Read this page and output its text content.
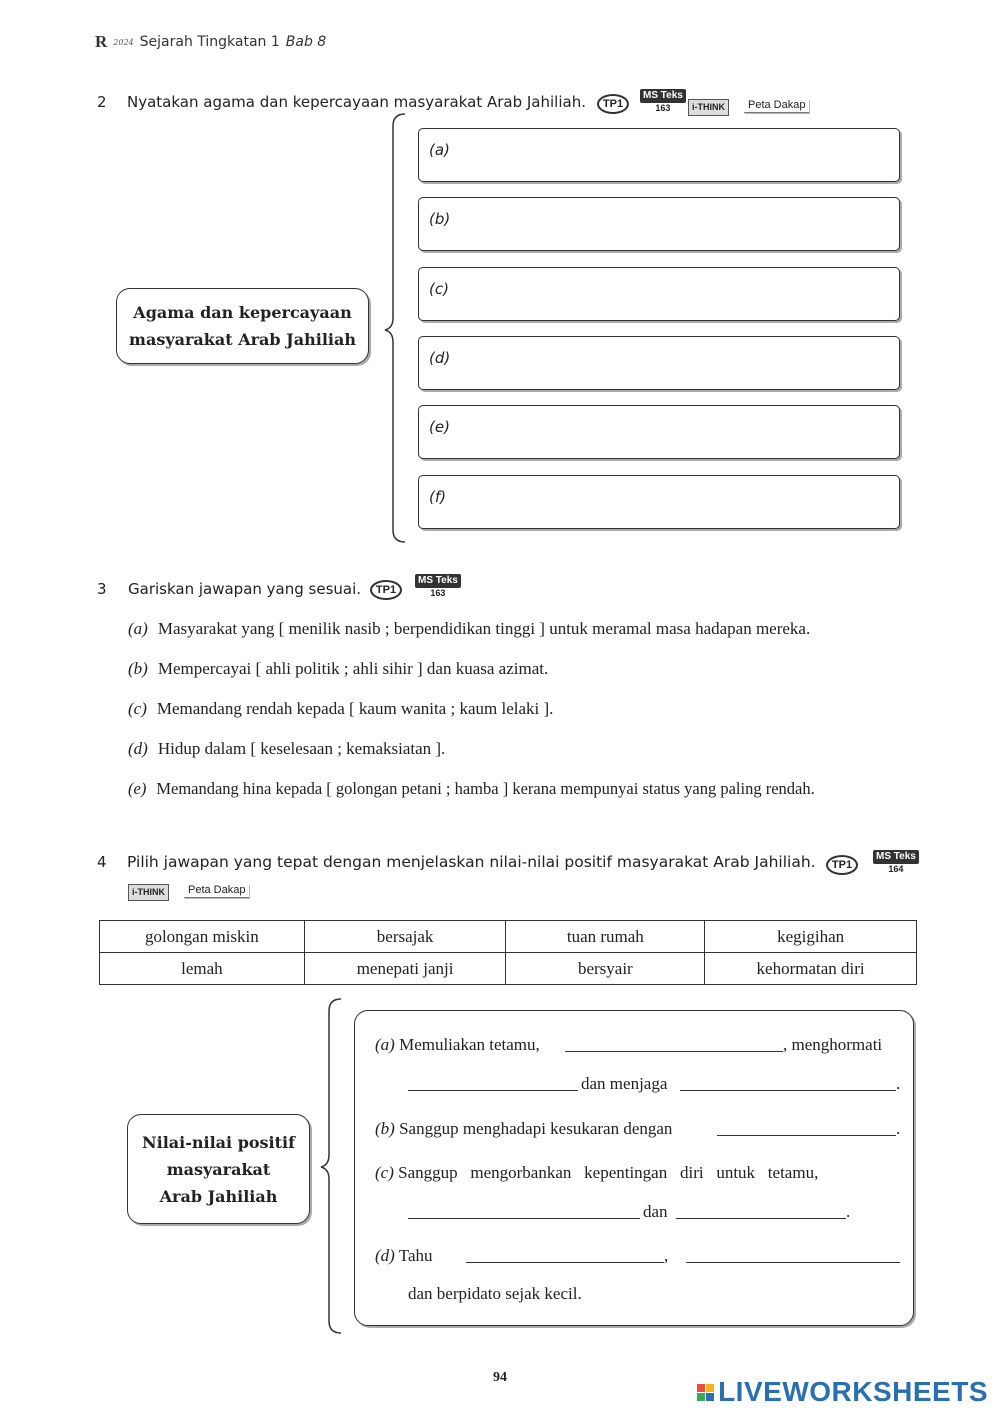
R 2024 Sejarah Tingkatan 1 Bab 8
2 Nyatakan agama dan kepercayaan masyarakat Arab Jahiliah.	TP1
MS Teks
163	i-THINK	Peta Dakap
Agama dan kepercayaan
masyarakat Arab Jahiliah
(a)
(b)
(c)
(d)
(e)
(f)
3 Gariskan jawapan yang sesuai.	TP1
MS Teks
163
(a) Masyarakat yang [ menilik nasib ; berpendidikan tinggi ] untuk meramal masa hadapan mereka.
(b) Mempercayai [ ahli politik ; ahli sihir ] dan kuasa azimat.
(c) Memandang rendah kepada [ kaum wanita ; kaum lelaki ].
(d) Hidup dalam [ keselesaan ; kemaksiatan ].
(e) Memandang hina kepada [ golongan petani ; hamba ] kerana mempunyai status yang paling rendah.
4 Pilih jawapan yang tepat dengan menjelaskan nilai-nilai positif masyarakat Arab Jahiliah.	TP1
MS Teks
164
i-THINK	Peta Dakap
golongan miskin	bersajak	tuan rumah	kegigihan
lemah	menepati janji	bersyair	kehormatan diri
Nilai-nilai positif
masyarakat
Arab Jahiliah
(a) Memuliakan tetamu,	, menghormati
dan menjaga	.
(b) Sanggup menghadapi kesukaran dengan	.
(c) Sanggup   mengorbankan   kepentingan   diri   untuk   tetamu,
dan	.
(d) Tahu	,
dan berpidato sejak kecil.
94	LIVEWORKSHEETS
